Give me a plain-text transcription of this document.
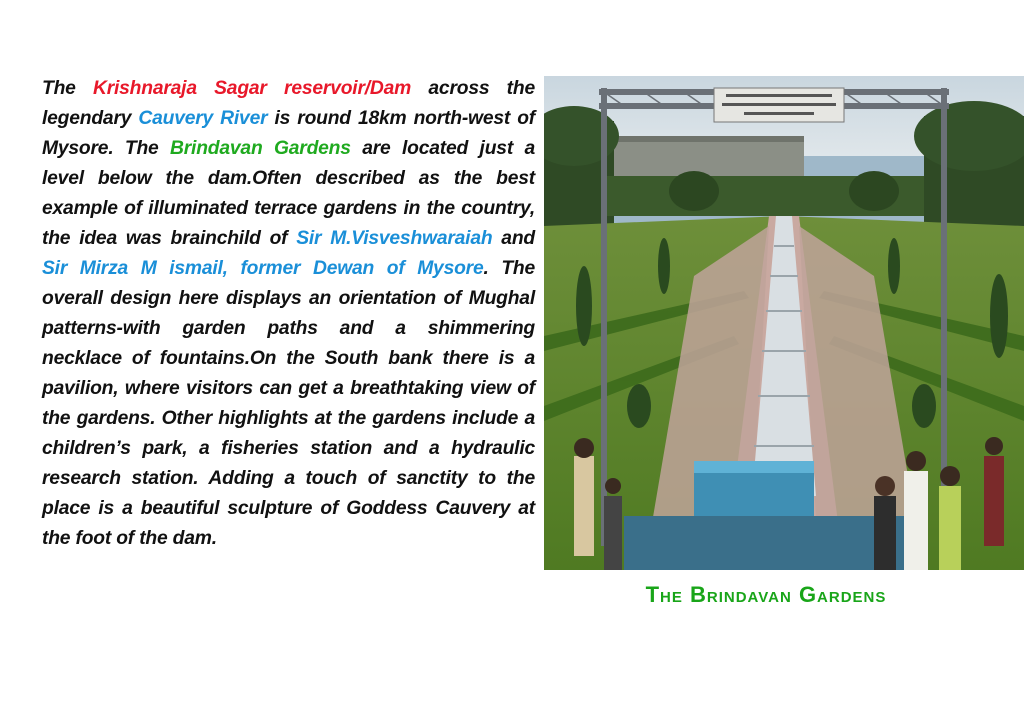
The Krishnaraja Sagar reservoir/Dam across the legendary Cauvery River is round 18km north-west of Mysore. The Brindavan Gardens are located just a level below the dam.Often described as the best example of illuminated terrace gardens in the country, the idea was brainchild of Sir M.Visveshwaraiah and Sir Mirza M ismail, former Dewan of Mysore. The overall design here displays an orientation of Mughal patterns-with garden paths and a shimmering necklace of fountains.On the South bank there is a pavilion, where visitors can get a breathtaking view of the gardens. Other highlights at the gardens include a children’s park, a fisheries station and a hydraulic research station. Adding a touch of sanctity to the place is a beautiful sculpture of Goddess Cauvery at the foot of the dam.
The Brindavan Gardens
